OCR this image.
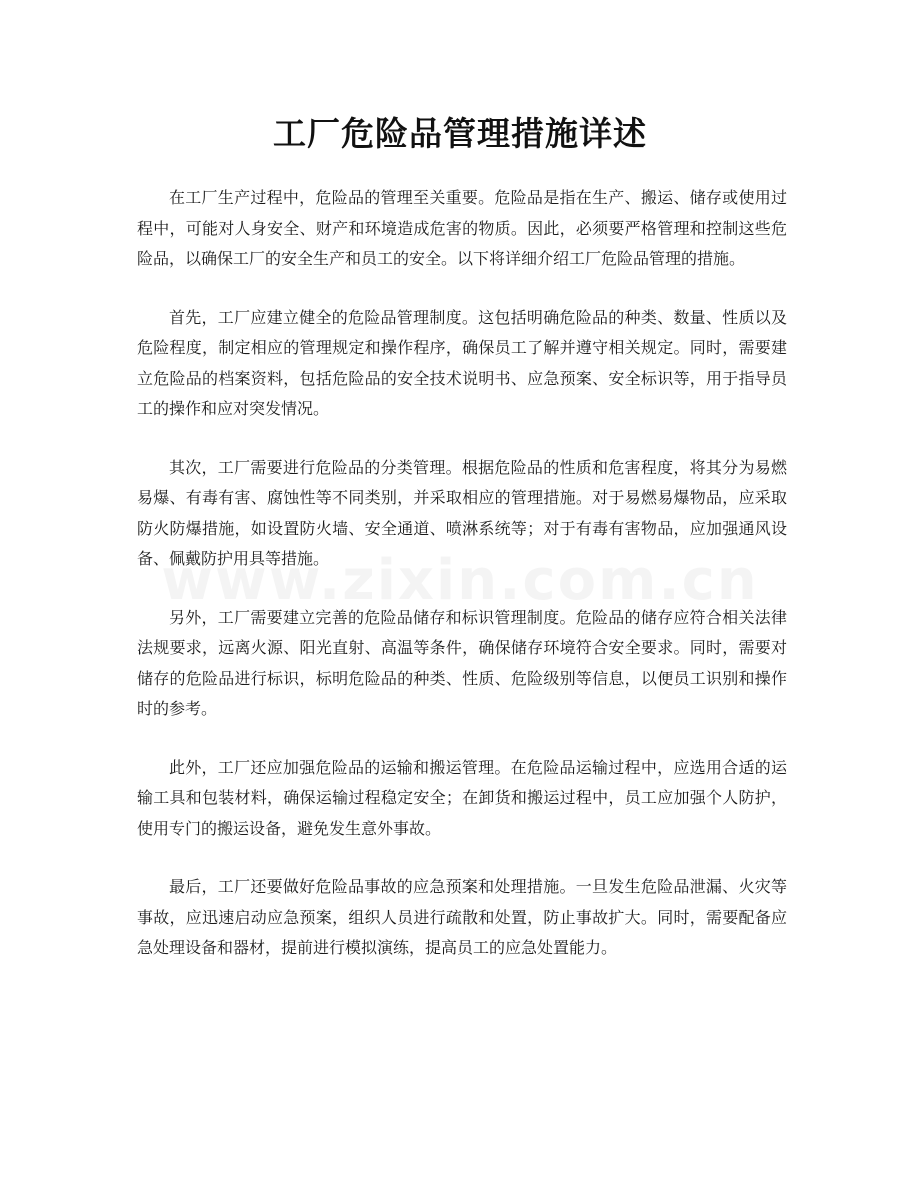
工厂危险品管理措施详述

在工厂生产过程中，危险品的管理至关重要。危险品是指在生产、搬运、储存或使用过程中，可能对人身安全、财产和环境造成危害的物质。因此，必须要严格管理和控制这些危险品，以确保工厂的安全生产和员工的安全。以下将详细介绍工厂危险品管理的措施。

首先，工厂应建立健全的危险品管理制度。这包括明确危险品的种类、数量、性质以及危险程度，制定相应的管理规定和操作程序，确保员工了解并遵守相关规定。同时，需要建立危险品的档案资料，包括危险品的安全技术说明书、应急预案、安全标识等，用于指导员工的操作和应对突发情况。

其次，工厂需要进行危险品的分类管理。根据危险品的性质和危害程度，将其分为易燃易爆、有毒有害、腐蚀性等不同类别，并采取相应的管理措施。对于易燃易爆物品，应采取防火防爆措施，如设置防火墙、安全通道、喷淋系统等；对于有毒有害物品，应加强通风设备、佩戴防护用具等措施。

另外，工厂需要建立完善的危险品储存和标识管理制度。危险品的储存应符合相关法律法规要求，远离火源、阳光直射、高温等条件，确保储存环境符合安全要求。同时，需要对储存的危险品进行标识，标明危险品的种类、性质、危险级别等信息，以便员工识别和操作时的参考。

此外，工厂还应加强危险品的运输和搬运管理。在危险品运输过程中，应选用合适的运输工具和包装材料，确保运输过程稳定安全；在卸货和搬运过程中，员工应加强个人防护，使用专门的搬运设备，避免发生意外事故。

最后，工厂还要做好危险品事故的应急预案和处理措施。一旦发生危险品泄漏、火灾等事故，应迅速启动应急预案，组织人员进行疏散和处置，防止事故扩大。同时，需要配备应急处理设备和器材，提前进行模拟演练，提高员工的应急处置能力。
